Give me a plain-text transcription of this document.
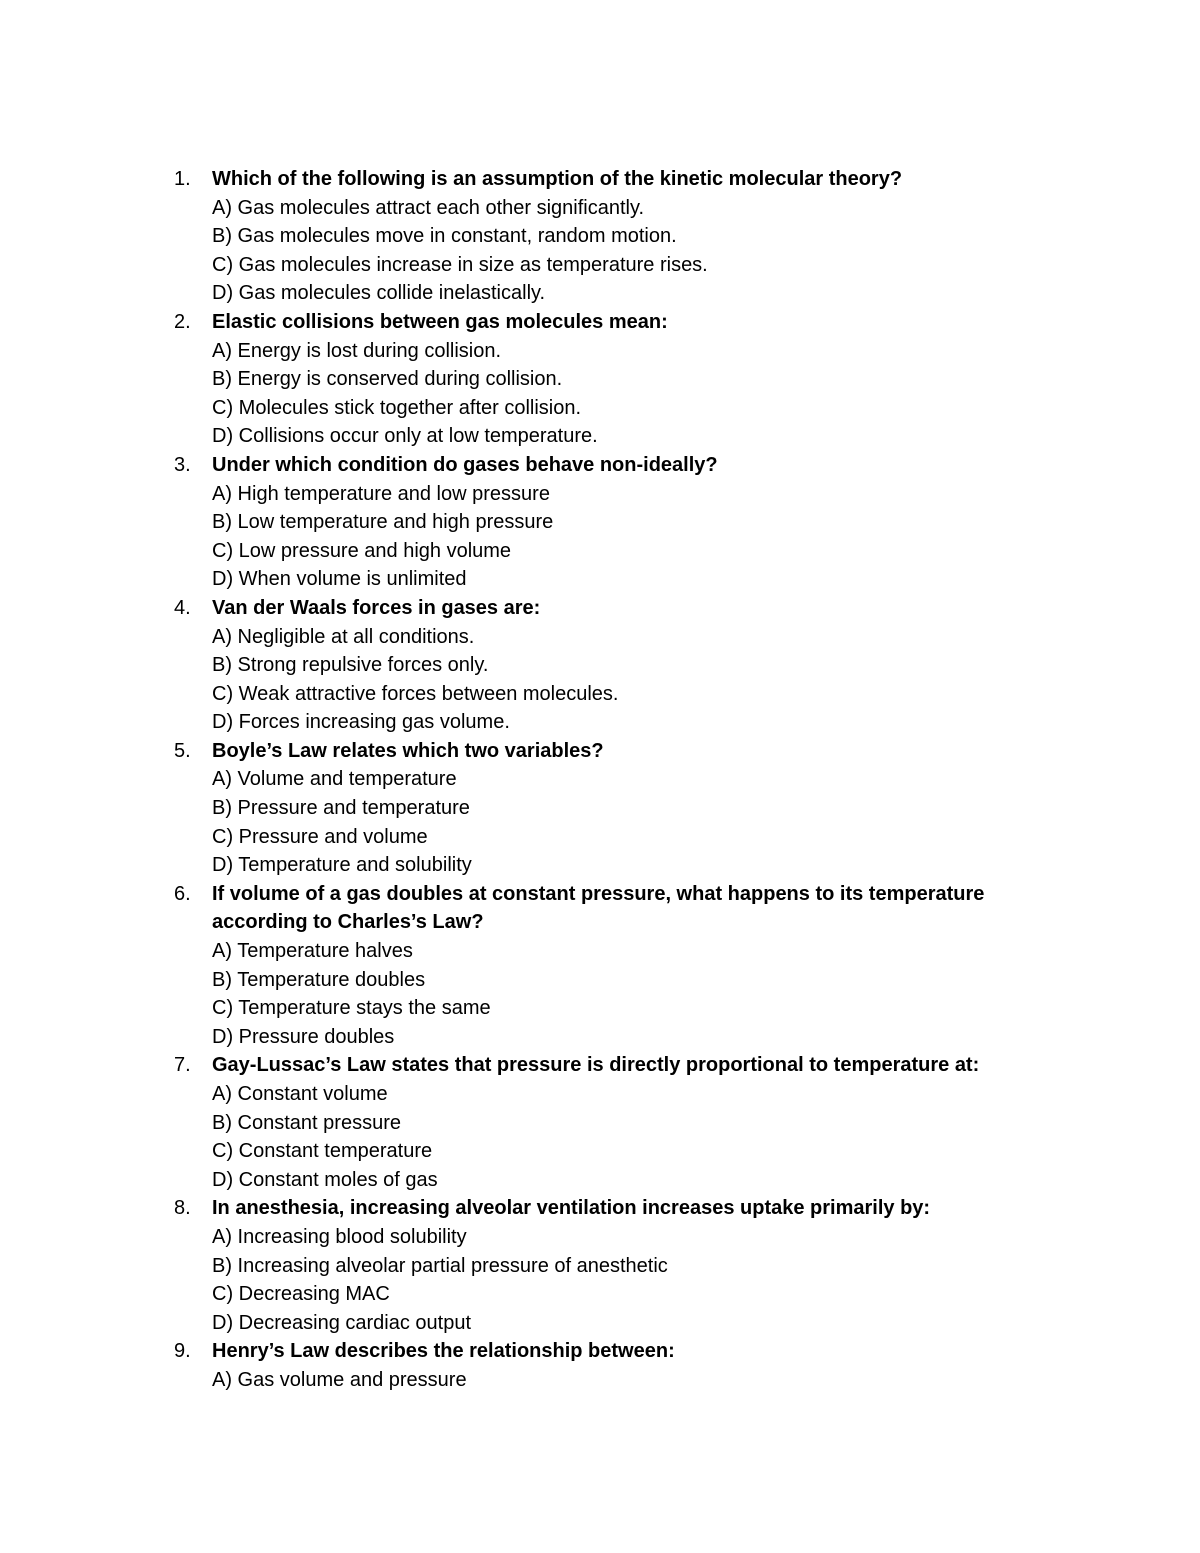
1. Which of the following is an assumption of the kinetic molecular theory?
A) Gas molecules attract each other significantly.
B) Gas molecules move in constant, random motion.
C) Gas molecules increase in size as temperature rises.
D) Gas molecules collide inelastically.
2. Elastic collisions between gas molecules mean:
A) Energy is lost during collision.
B) Energy is conserved during collision.
C) Molecules stick together after collision.
D) Collisions occur only at low temperature.
3. Under which condition do gases behave non-ideally?
A) High temperature and low pressure
B) Low temperature and high pressure
C) Low pressure and high volume
D) When volume is unlimited
4. Van der Waals forces in gases are:
A) Negligible at all conditions.
B) Strong repulsive forces only.
C) Weak attractive forces between molecules.
D) Forces increasing gas volume.
5. Boyle’s Law relates which two variables?
A) Volume and temperature
B) Pressure and temperature
C) Pressure and volume
D) Temperature and solubility
6. If volume of a gas doubles at constant pressure, what happens to its temperature according to Charles’s Law?
A) Temperature halves
B) Temperature doubles
C) Temperature stays the same
D) Pressure doubles
7. Gay-Lussac’s Law states that pressure is directly proportional to temperature at:
A) Constant volume
B) Constant pressure
C) Constant temperature
D) Constant moles of gas
8. In anesthesia, increasing alveolar ventilation increases uptake primarily by:
A) Increasing blood solubility
B) Increasing alveolar partial pressure of anesthetic
C) Decreasing MAC
D) Decreasing cardiac output
9. Henry’s Law describes the relationship between:
A) Gas volume and pressure
